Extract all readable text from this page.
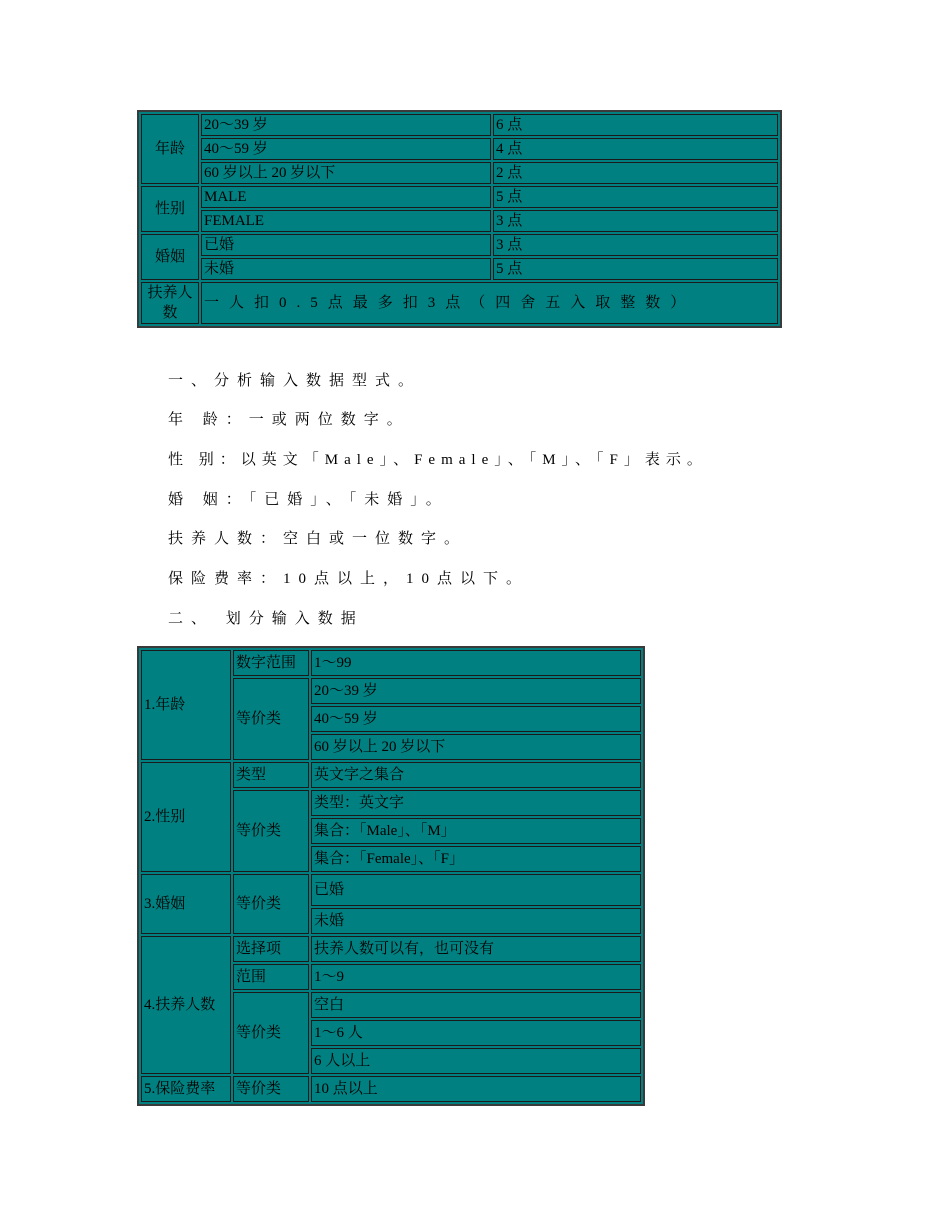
年龄	20～39 岁	6 点
	40～59 岁	4 点
	60 岁以上 20 岁以下	2 点
性别	MALE	5 点
	FEMALE	3 点
婚姻	已婚	3 点
	未婚	5 点
扶养人数	一人扣0.5点最多扣3点（四舍五入取整数）	

一、分析输入数据型式。

年 龄：一或两位数字。

性 别：以英文「Male」、Female」、「M」、「F」表示。

婚 姻：「已婚」、「未婚」。

扶养人数：空白或一位数字。

保险费率：10点以上，10点以下。

二、 划分输入数据

1.年龄	数字范围	1～99
	等价类	20～39 岁
		40～59 岁
		60 岁以上 20 岁以下
2.性别	类型	英文字之集合
	等价类	类型：英文字
		集合：「Male」、「M」
		集合：「Female」、「F」
3.婚姻	等价类	已婚
		未婚
4.扶养人数	选择项	扶养人数可以有，也可没有
	范围	1～9
	等价类	空白
		1～6 人
		6 人以上
5.保险费率	等价类	10 点以上
